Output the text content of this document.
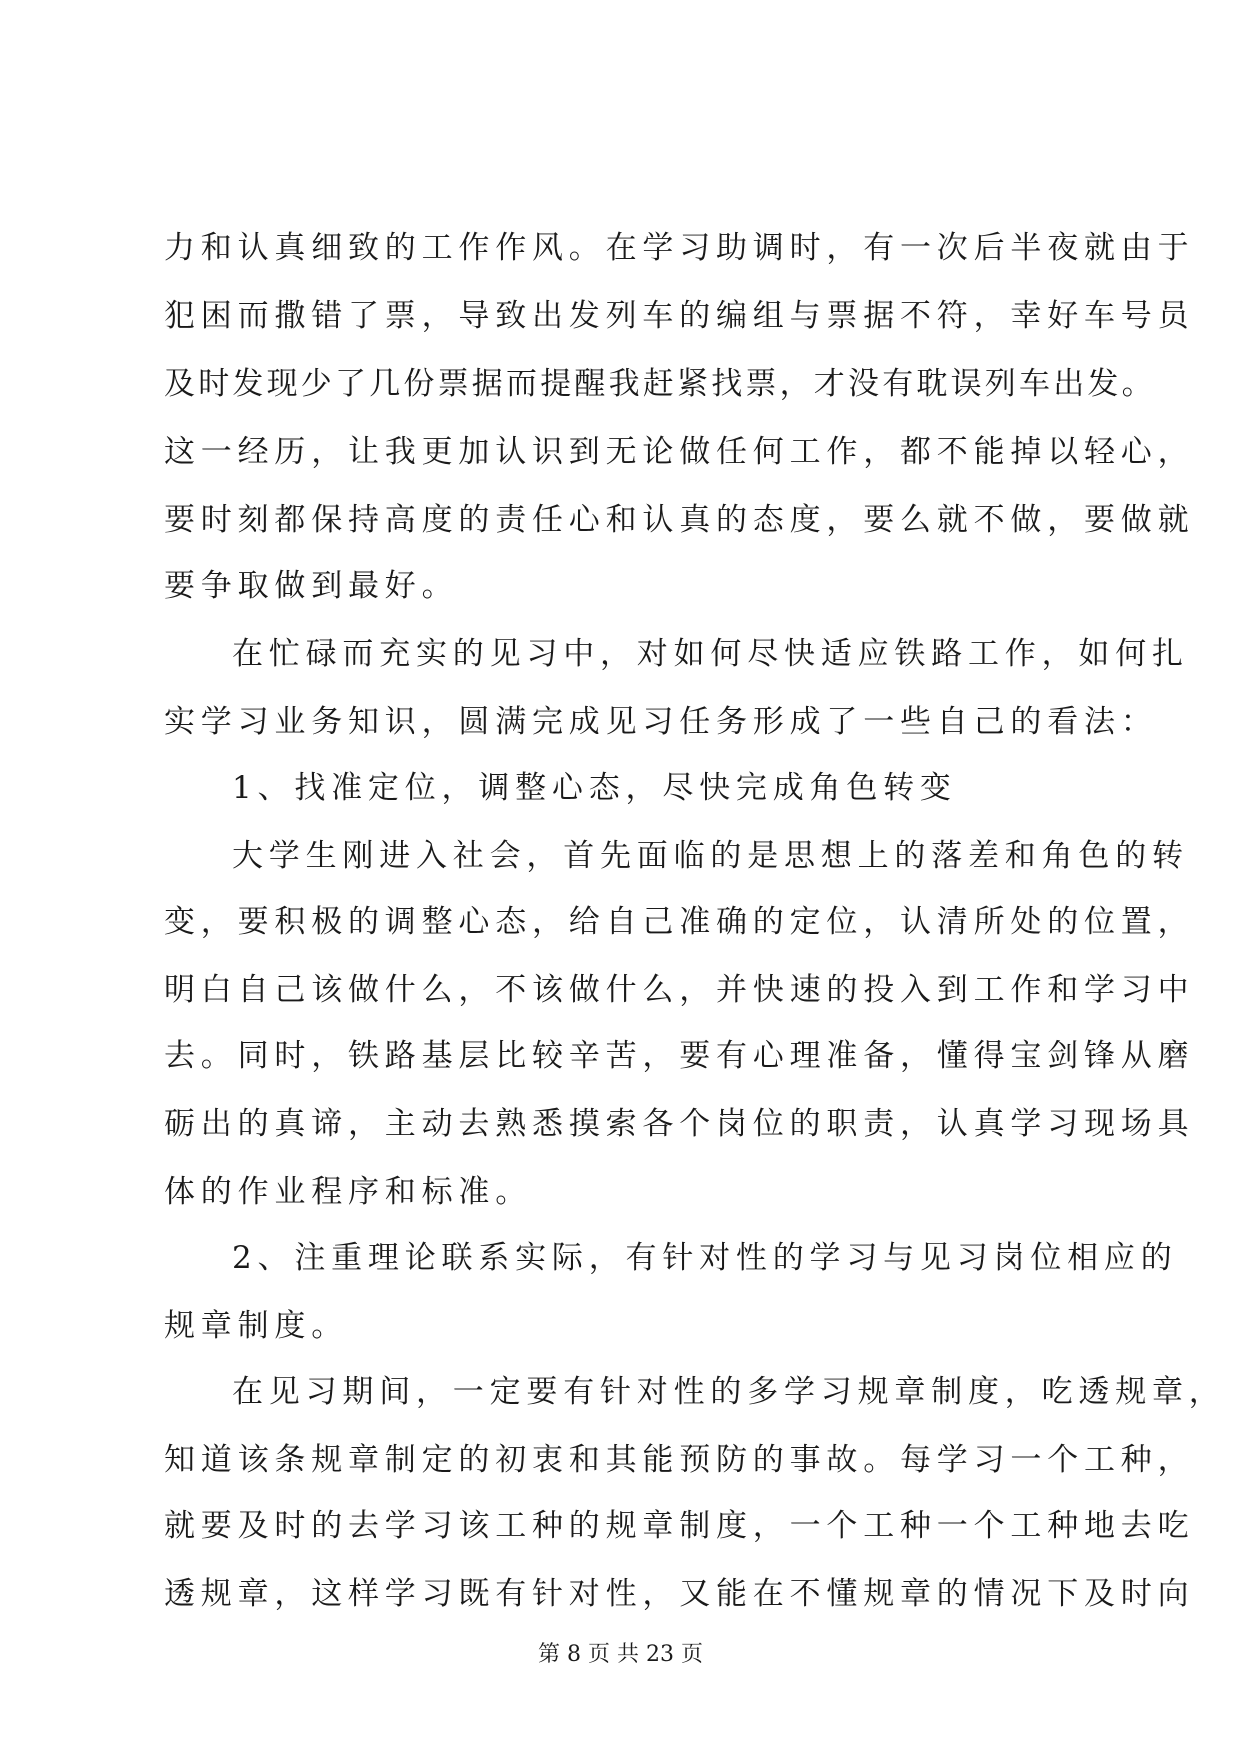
力和认真细致的工作作风。在学习助调时，有一次后半夜就由于
犯困而撒错了票，导致出发列车的编组与票据不符，幸好车号员
及时发现少了几份票据而提醒我赶紧找票，才没有耽误列车出发。
这一经历，让我更加认识到无论做任何工作，都不能掉以轻心，
要时刻都保持高度的责任心和认真的态度，要么就不做，要做就
要争取做到最好。
在忙碌而充实的见习中，对如何尽快适应铁路工作，如何扎
实学习业务知识，圆满完成见习任务形成了一些自己的看法：
1、找准定位，调整心态，尽快完成角色转变
大学生刚进入社会，首先面临的是思想上的落差和角色的转
变，要积极的调整心态，给自己准确的定位，认清所处的位置，
明白自己该做什么，不该做什么，并快速的投入到工作和学习中
去。同时，铁路基层比较辛苦，要有心理准备，懂得宝剑锋从磨
砺出的真谛，主动去熟悉摸索各个岗位的职责，认真学习现场具
体的作业程序和标准。
2、注重理论联系实际，有针对性的学习与见习岗位相应的
规章制度。
在见习期间，一定要有针对性的多学习规章制度，吃透规章，
知道该条规章制定的初衷和其能预防的事故。每学习一个工种，
就要及时的去学习该工种的规章制度，一个工种一个工种地去吃
透规章，这样学习既有针对性，又能在不懂规章的情况下及时向
第 8 页 共 23 页
